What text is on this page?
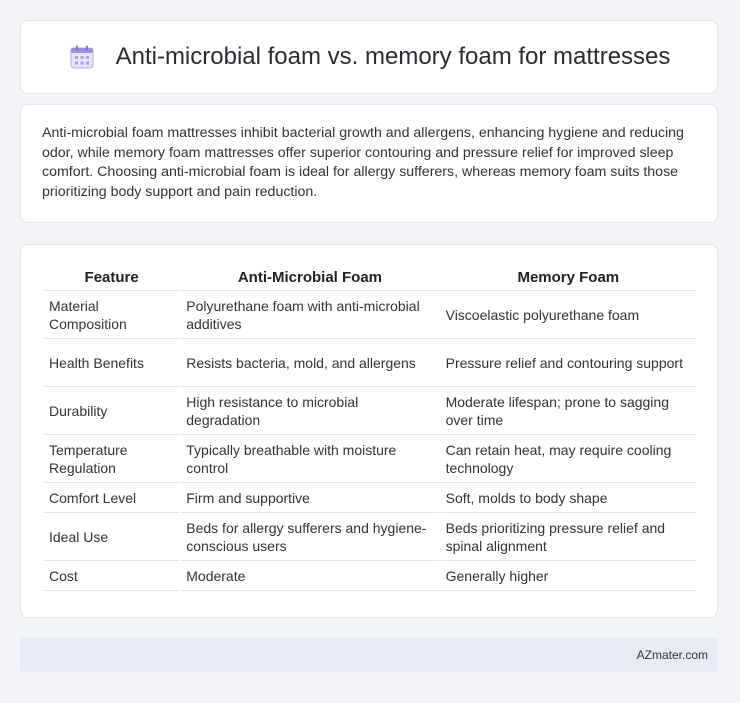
Anti-microbial foam vs. memory foam for mattresses

Anti-microbial foam mattresses inhibit bacterial growth and allergens, enhancing hygiene and reducing odor, while memory foam mattresses offer superior contouring and pressure relief for improved sleep comfort. Choosing anti-microbial foam is ideal for allergy sufferers, whereas memory foam suits those prioritizing body support and pain reduction.

Feature	Anti-Microbial Foam	Memory Foam
Material Composition	Polyurethane foam with anti-microbial additives	Viscoelastic polyurethane foam
Health Benefits	Resists bacteria, mold, and allergens	Pressure relief and contouring support
Durability	High resistance to microbial degradation	Moderate lifespan; prone to sagging over time
Temperature Regulation	Typically breathable with moisture control	Can retain heat, may require cooling technology
Comfort Level	Firm and supportive	Soft, molds to body shape
Ideal Use	Beds for allergy sufferers and hygiene-conscious users	Beds prioritizing pressure relief and spinal alignment
Cost	Moderate	Generally higher
AZmater.com
